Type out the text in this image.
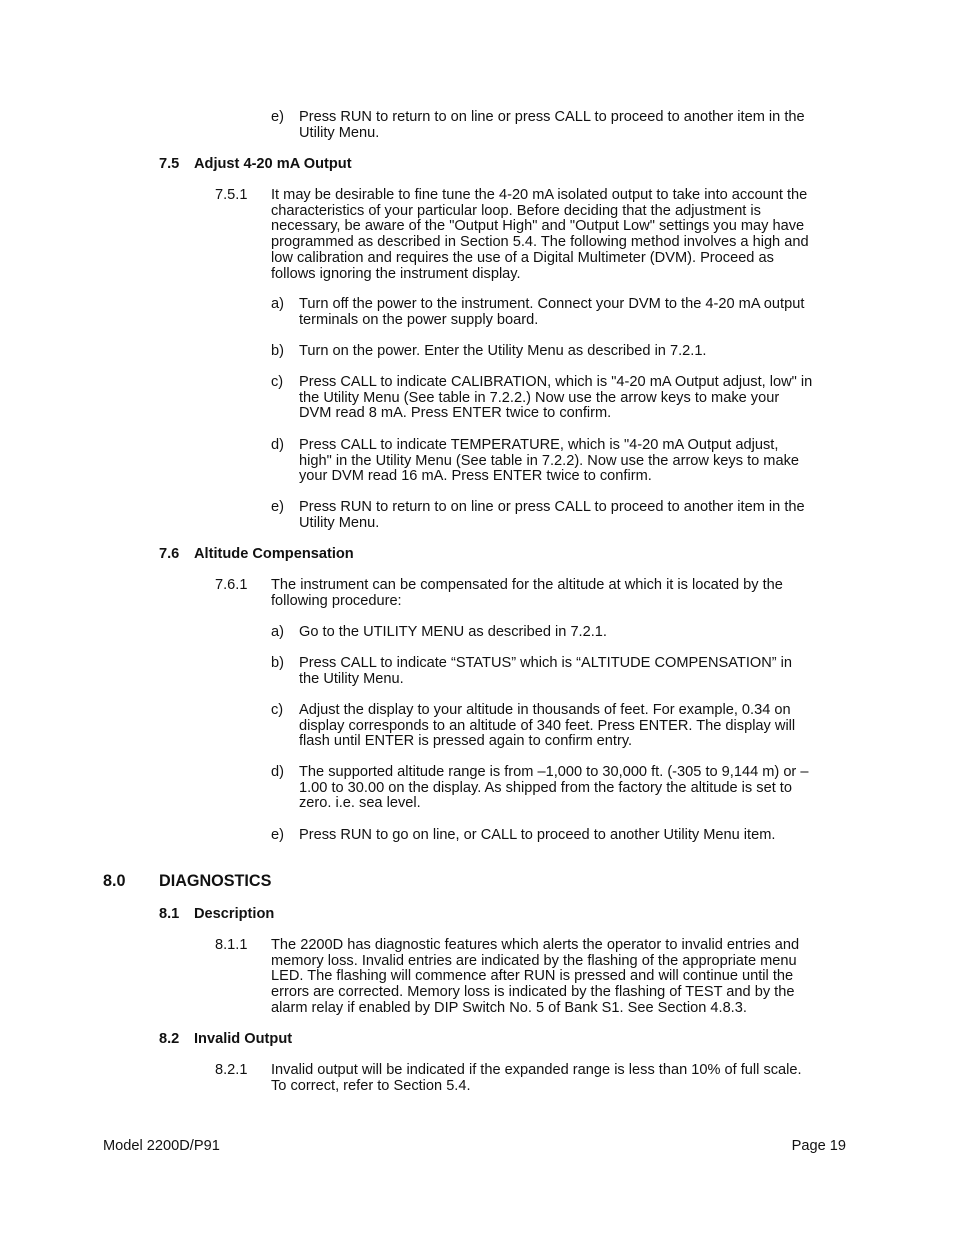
e) Press RUN to return to on line or press CALL to proceed to another item in the
Utility Menu.
7.5 Adjust 4-20 mA Output
7.5.1 It may be desirable to fine tune the 4-20 mA isolated output to take into account the
characteristics of your particular loop. Before deciding that the adjustment is
necessary, be aware of the "Output High" and "Output Low" settings you may have
programmed as described in Section 5.4. The following method involves a high and
low calibration and requires the use of a Digital Multimeter (DVM). Proceed as
follows ignoring the instrument display.
a) Turn off the power to the instrument. Connect your DVM to the 4-20 mA output
terminals on the power supply board.
b) Turn on the power. Enter the Utility Menu as described in 7.2.1.
c) Press CALL to indicate CALIBRATION, which is "4-20 mA Output adjust, low" in
the Utility Menu (See table in 7.2.2.) Now use the arrow keys to make your
DVM read 8 mA. Press ENTER twice to confirm.
d) Press CALL to indicate TEMPERATURE, which is "4-20 mA Output adjust,
high" in the Utility Menu (See table in 7.2.2). Now use the arrow keys to make
your DVM read 16 mA. Press ENTER twice to confirm.
e) Press RUN to return to on line or press CALL to proceed to another item in the
Utility Menu.
7.6 Altitude Compensation
7.6.1 The instrument can be compensated for the altitude at which it is located by the
following procedure:
a) Go to the UTILITY MENU as described in 7.2.1.
b) Press CALL to indicate “STATUS” which is “ALTITUDE COMPENSATION” in
the Utility Menu.
c) Adjust the display to your altitude in thousands of feet. For example, 0.34 on
display corresponds to an altitude of 340 feet. Press ENTER. The display will
flash until ENTER is pressed again to confirm entry.
d) The supported altitude range is from –1,000 to 30,000 ft. (-305 to 9,144 m) or –
1.00 to 30.00 on the display. As shipped from the factory the altitude is set to
zero. i.e. sea level.
e) Press RUN to go on line, or CALL to proceed to another Utility Menu item.
8.0 DIAGNOSTICS
8.1 Description
8.1.1 The 2200D has diagnostic features which alerts the operator to invalid entries and
memory loss. Invalid entries are indicated by the flashing of the appropriate menu
LED. The flashing will commence after RUN is pressed and will continue until the
errors are corrected. Memory loss is indicated by the flashing of TEST and by the
alarm relay if enabled by DIP Switch No. 5 of Bank S1. See Section 4.8.3.
8.2 Invalid Output
8.2.1 Invalid output will be indicated if the expanded range is less than 10% of full scale.
To correct, refer to Section 5.4.
Model 2200D/P91	Page 19
